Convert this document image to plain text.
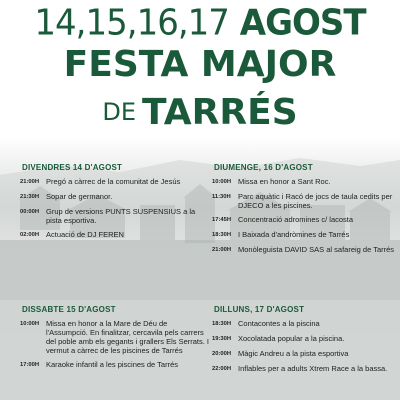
14,15,16,17 AGOST
FESTA MAJOR
DE TARRÉS
DIVENDRES 14 D'AGOST
21:00H Pregó a càrrec de la comunitat de Jesús
21:30H Sopar de germanor.
00:00H Grup de versions PUNTS SUSPENSIUS a la pista esportiva.
02:00H Actuació de DJ FEREN
DIUMENGE, 16 D'AGOST
10:00H Missa en honor a Sant Roc.
11:30H Parc aquàtic i Racó de jocs de taula cedits per DJECO a les piscines.
17:45H Concentració adromines c/ lacosta
18:30H I Baixada d'andròmines de Tarrés
21:00H Monòleguista DAVID SAS al safareig de Tarrés
DISSABTE 15 D'AGOST
10:00H Missa en honor a la Mare de Déu de l'Assumpció. En finalitzar, cercavila pels carrers del poble amb els gegants i grallers Els Serrats. I vermut a càrrec de les piscines de Tarrés
17:00H Karaoke infantil a les piscines de Tarrés
DILLUNS, 17 D'AGOST
18:30H Contacontes a la piscina
19:30H Xocolatada popular a la piscina.
20:00H Màgic Andreu a la pista esportiva
22:00H Inflables per a adults Xtrem Race a la bassa.
